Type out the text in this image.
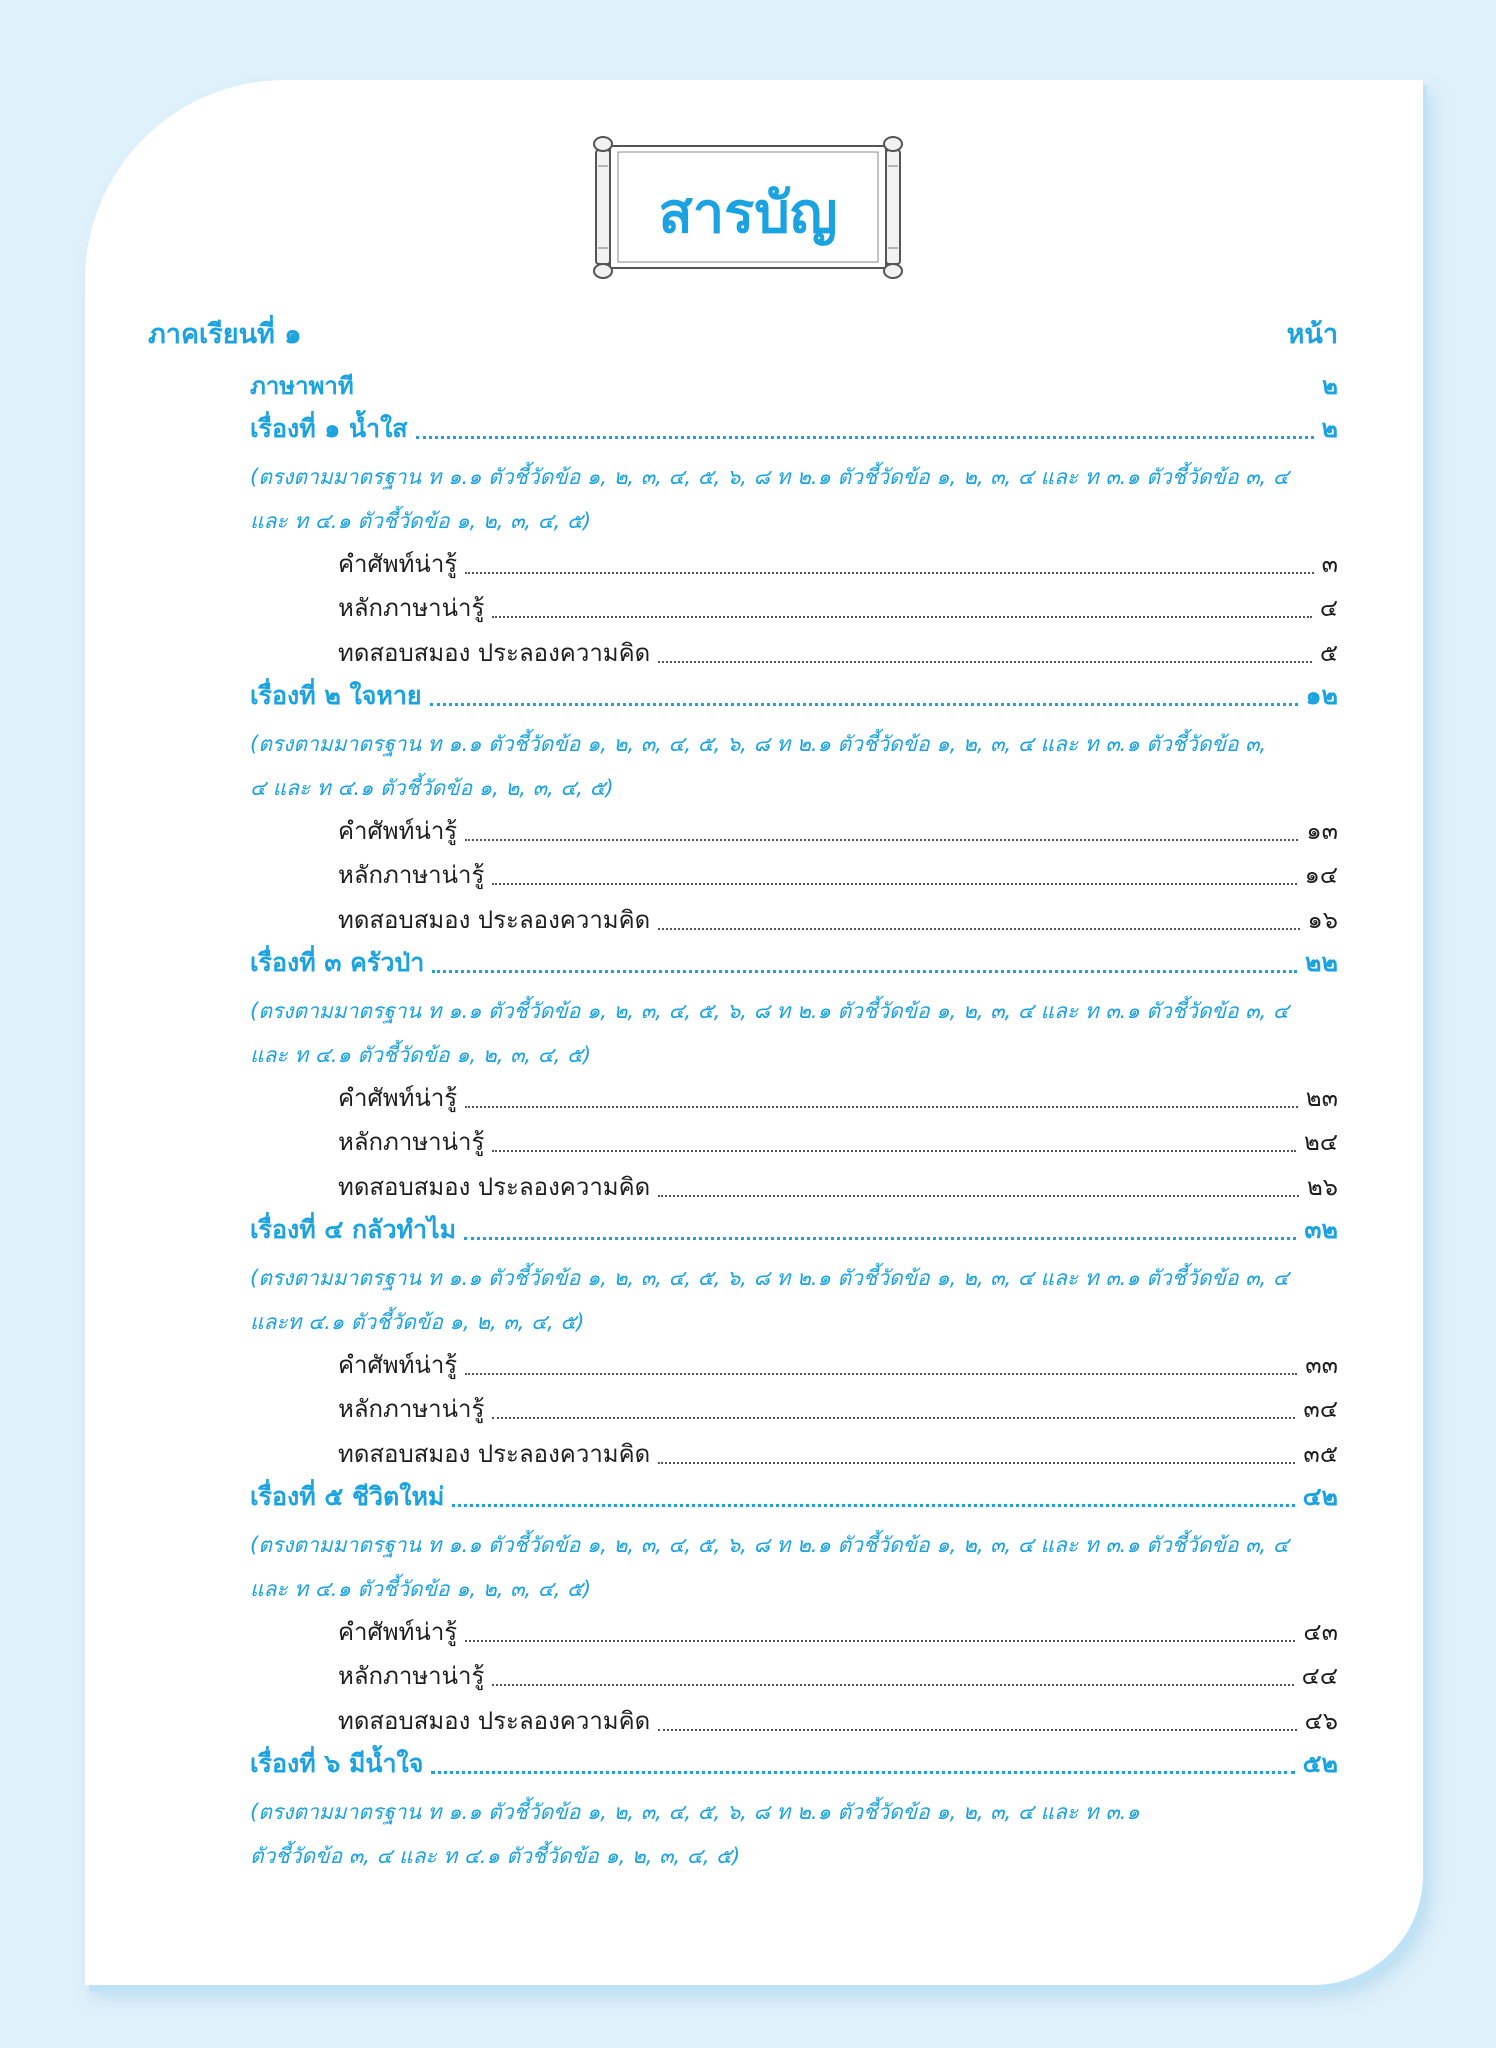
สารบัญ
ภาคเรียนที่ ๑	หน้า
ภาษาพาที	๒
เรื่องที่ ๑ น้ำใส	๒
(ตรงตามมาตรฐาน ท ๑.๑ ตัวชี้วัดข้อ ๑, ๒, ๓, ๔, ๕, ๖, ๘ ท ๒.๑ ตัวชี้วัดข้อ ๑, ๒, ๓, ๔ และ ท ๓.๑ ตัวชี้วัดข้อ ๓, ๔
และ ท ๔.๑ ตัวชี้วัดข้อ ๑, ๒, ๓, ๔, ๕)
คำศัพท์น่ารู้	๓
หลักภาษาน่ารู้	๔
ทดสอบสมอง ประลองความคิด	๕
เรื่องที่ ๒ ใจหาย	๑๒
(ตรงตามมาตรฐาน ท ๑.๑ ตัวชี้วัดข้อ ๑, ๒, ๓, ๔, ๕, ๖, ๘ ท ๒.๑ ตัวชี้วัดข้อ ๑, ๒, ๓, ๔ และ ท ๓.๑ ตัวชี้วัดข้อ ๓,
๔ และ ท ๔.๑ ตัวชี้วัดข้อ ๑, ๒, ๓, ๔, ๕)
คำศัพท์น่ารู้	๑๓
หลักภาษาน่ารู้	๑๔
ทดสอบสมอง ประลองความคิด	๑๖
เรื่องที่ ๓ ครัวป่า	๒๒
(ตรงตามมาตรฐาน ท ๑.๑ ตัวชี้วัดข้อ ๑, ๒, ๓, ๔, ๕, ๖, ๘ ท ๒.๑ ตัวชี้วัดข้อ ๑, ๒, ๓, ๔ และ ท ๓.๑ ตัวชี้วัดข้อ ๓, ๔
และ ท ๔.๑ ตัวชี้วัดข้อ ๑, ๒, ๓, ๔, ๕)
คำศัพท์น่ารู้	๒๓
หลักภาษาน่ารู้	๒๔
ทดสอบสมอง ประลองความคิด	๒๖
เรื่องที่ ๔ กลัวทำไม	๓๒
(ตรงตามมาตรฐาน ท ๑.๑ ตัวชี้วัดข้อ ๑, ๒, ๓, ๔, ๕, ๖, ๘ ท ๒.๑ ตัวชี้วัดข้อ ๑, ๒, ๓, ๔ และ ท ๓.๑ ตัวชี้วัดข้อ ๓, ๔
และท ๔.๑ ตัวชี้วัดข้อ ๑, ๒, ๓, ๔, ๕)
คำศัพท์น่ารู้	๓๓
หลักภาษาน่ารู้	๓๔
ทดสอบสมอง ประลองความคิด	๓๕
เรื่องที่ ๕ ชีวิตใหม่	๔๒
(ตรงตามมาตรฐาน ท ๑.๑ ตัวชี้วัดข้อ ๑, ๒, ๓, ๔, ๕, ๖, ๘ ท ๒.๑ ตัวชี้วัดข้อ ๑, ๒, ๓, ๔ และ ท ๓.๑ ตัวชี้วัดข้อ ๓, ๔
และ ท ๔.๑ ตัวชี้วัดข้อ ๑, ๒, ๓, ๔, ๕)
คำศัพท์น่ารู้	๔๓
หลักภาษาน่ารู้	๔๔
ทดสอบสมอง ประลองความคิด	๔๖
เรื่องที่ ๖ มีน้ำใจ	๕๒
(ตรงตามมาตรฐาน ท ๑.๑ ตัวชี้วัดข้อ ๑, ๒, ๓, ๔, ๕, ๖, ๘ ท ๒.๑ ตัวชี้วัดข้อ ๑, ๒, ๓, ๔ และ ท ๓.๑
ตัวชี้วัดข้อ ๓, ๔ และ ท ๔.๑ ตัวชี้วัดข้อ ๑, ๒, ๓, ๔, ๕)
